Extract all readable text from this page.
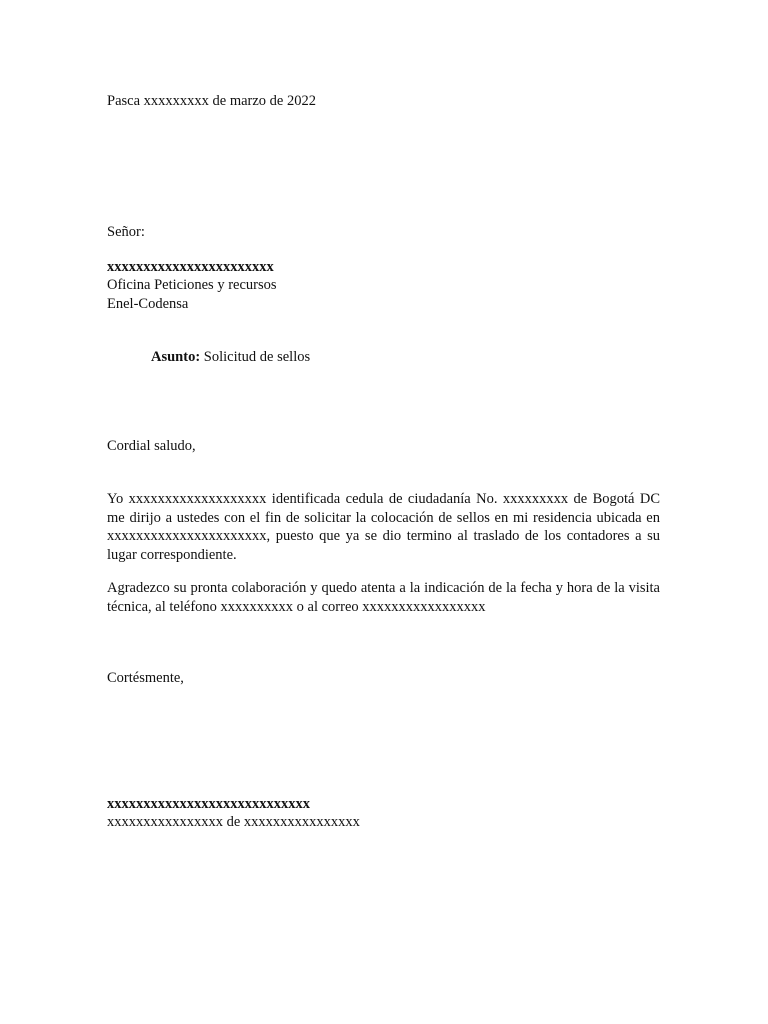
Pasca xxxxxxxxx de marzo de 2022
Señor:
xxxxxxxxxxxxxxxxxxxxxxx
Oficina Peticiones y recursos
Enel-Codensa
Asunto: Solicitud de sellos
Cordial saludo,
Yo xxxxxxxxxxxxxxxxxxx identificada cedula de ciudadanía No. xxxxxxxxx de Bogotá DC me dirijo a ustedes con el fin de solicitar la colocación de sellos en mi residencia ubicada en xxxxxxxxxxxxxxxxxxxxxx, puesto que ya se dio termino al traslado de los contadores a su lugar correspondiente.
Agradezco su pronta colaboración y quedo atenta a la indicación de la fecha y hora de la visita técnica, al teléfono xxxxxxxxxx o al correo xxxxxxxxxxxxxxxxx
Cortésmente,
xxxxxxxxxxxxxxxxxxxxxxxxxxxx
xxxxxxxxxxxxxxxx de xxxxxxxxxxxxxxxx
